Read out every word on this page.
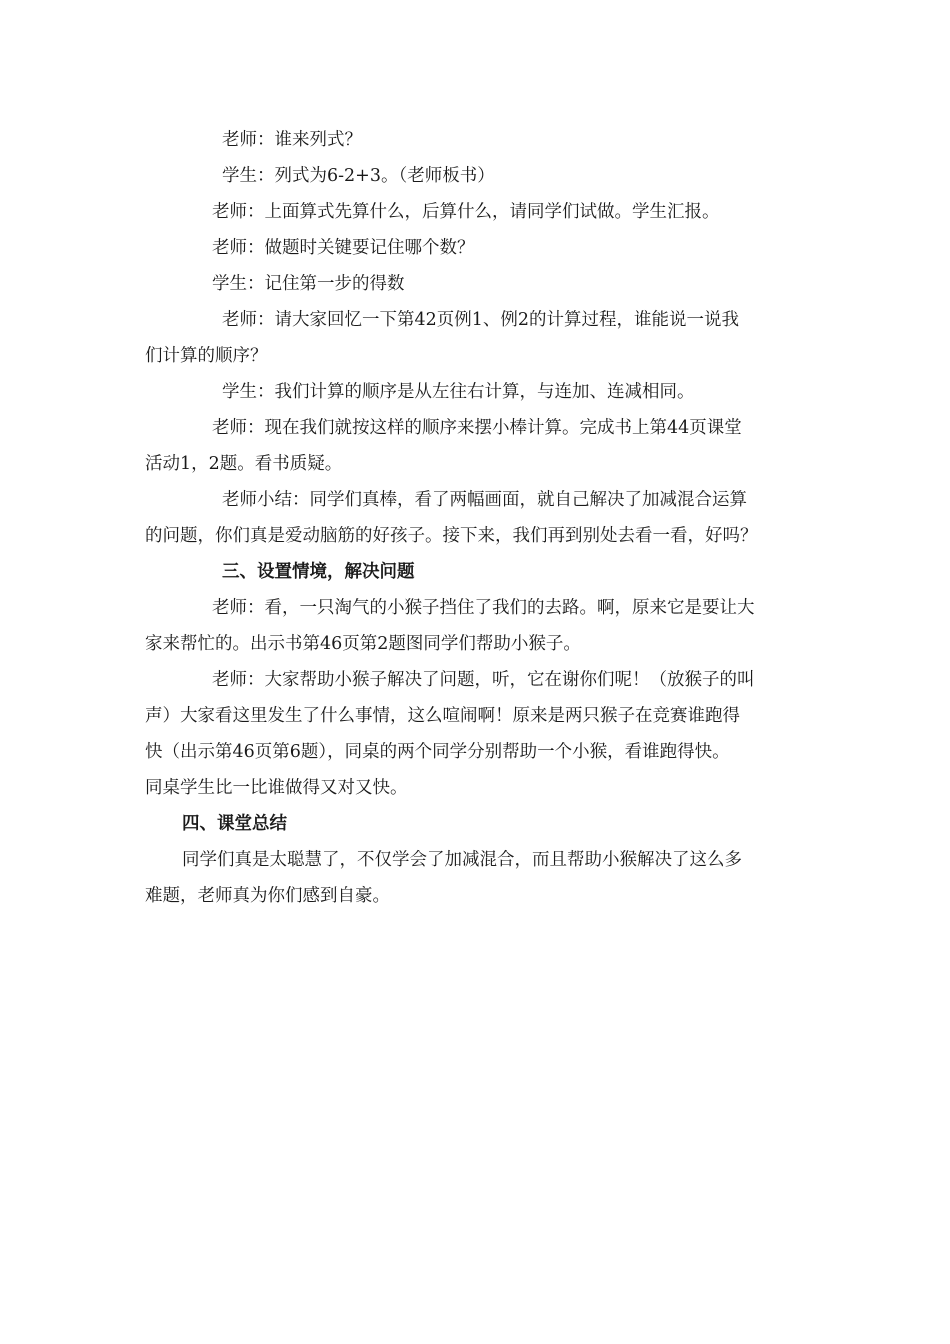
老师：谁来列式？

学生：列式为6-2+3。（老师板书）

老师：上面算式先算什么，后算什么，请同学们试做。学生汇报。

老师：做题时关键要记住哪个数？

学生：记住第一步的得数

老师：请大家回忆一下第42页例1、例2的计算过程，谁能说一说我

们计算的顺序？

学生：我们计算的顺序是从左往右计算，与连加、连减相同。

老师：现在我们就按这样的顺序来摆小棒计算。完成书上第44页课堂

活动1，2题。看书质疑。

老师小结：同学们真棒，看了两幅画面，就自己解决了加减混合运算

的问题，你们真是爱动脑筋的好孩子。接下来，我们再到别处去看一看，好吗？

三、设置情境，解决问题

老师：看，一只淘气的小猴子挡住了我们的去路。啊，原来它是要让大

家来帮忙的。出示书第46页第2题图同学们帮助小猴子。

老师：大家帮助小猴子解决了问题，听，它在谢你们呢！（放猴子的叫

声）大家看这里发生了什么事情，这么喧闹啊！原来是两只猴子在竞赛谁跑得

快（出示第46页第6题），同桌的两个同学分别帮助一个小猴，看谁跑得快。

同桌学生比一比谁做得又对又快。

四、课堂总结

同学们真是太聪慧了，不仅学会了加减混合，而且帮助小猴解决了这么多

难题，老师真为你们感到自豪。
